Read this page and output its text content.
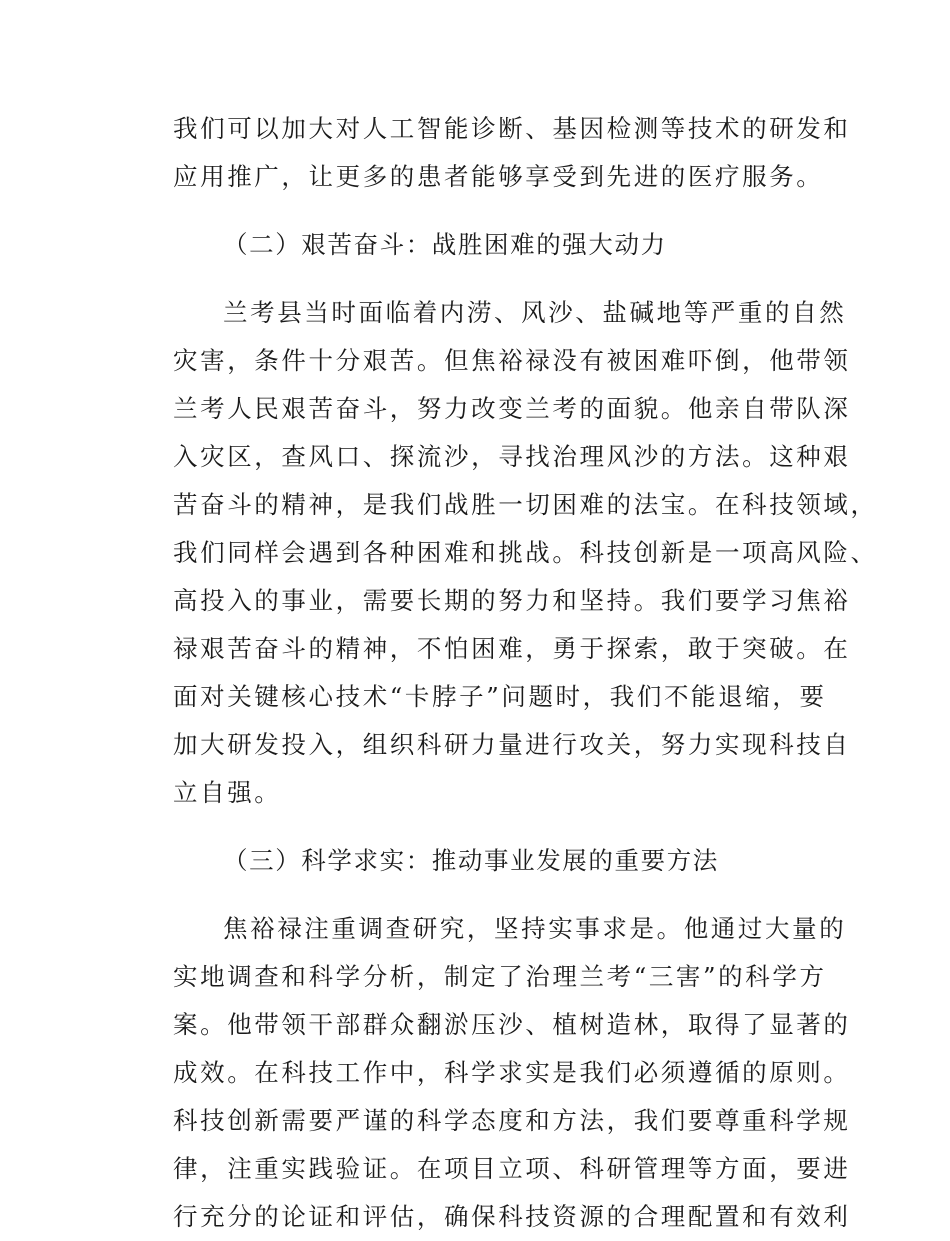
我们可以加大对人工智能诊断、基因检测等技术的研发和
应用推广，让更多的患者能够享受到先进的医疗服务。
（二）艰苦奋斗：战胜困难的强大动力
兰考县当时面临着内涝、风沙、盐碱地等严重的自然
灾害，条件十分艰苦。但焦裕禄没有被困难吓倒，他带领
兰考人民艰苦奋斗，努力改变兰考的面貌。他亲自带队深
入灾区，查风口、探流沙，寻找治理风沙的方法。这种艰
苦奋斗的精神，是我们战胜一切困难的法宝。在科技领域，
我们同样会遇到各种困难和挑战。科技创新是一项高风险、
高投入的事业，需要长期的努力和坚持。我们要学习焦裕
禄艰苦奋斗的精神，不怕困难，勇于探索，敢于突破。在
面对关键核心技术“卡脖子”问题时，我们不能退缩，要
加大研发投入，组织科研力量进行攻关，努力实现科技自
立自强。
（三）科学求实：推动事业发展的重要方法
焦裕禄注重调查研究，坚持实事求是。他通过大量的
实地调查和科学分析，制定了治理兰考“三害”的科学方
案。他带领干部群众翻淤压沙、植树造林，取得了显著的
成效。在科技工作中，科学求实是我们必须遵循的原则。
科技创新需要严谨的科学态度和方法，我们要尊重科学规
律，注重实践验证。在项目立项、科研管理等方面，要进
行充分的论证和评估，确保科技资源的合理配置和有效利
